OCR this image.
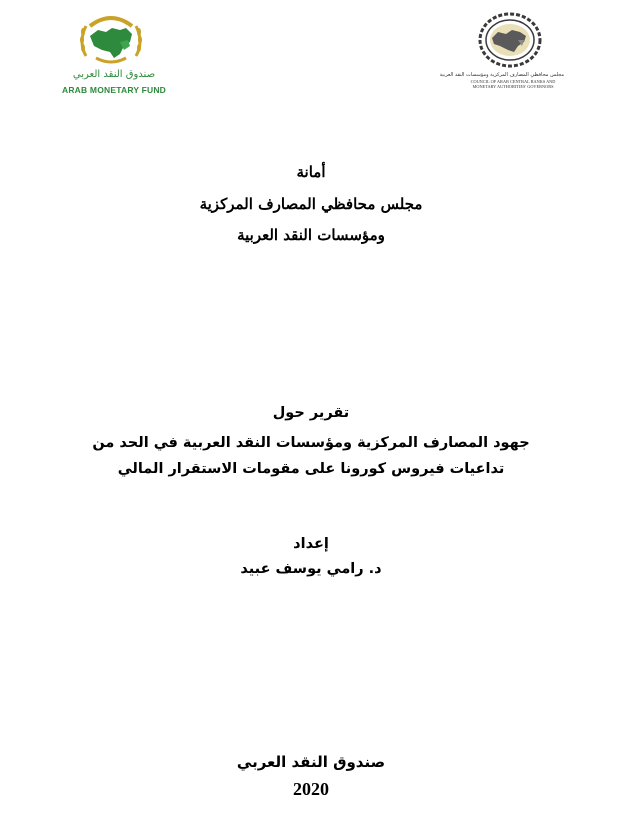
صندوق النقد العربي
ARAB MONETARY FUND
مجلس محافظي المصارف المركزية ومؤسسات النقد العربية
COUNCIL OF ARAB CENTRAL BANKS AND
MONETARY AUTHORITIES' GOVERNORS
أمانة
مجلس محافظي المصارف المركزية
ومؤسسات النقد العربية
تقرير حول
جهود المصارف المركزية ومؤسسات النقد العربية في الحد من
تداعيات فيروس كورونا على مقومات الاستقرار المالي
إعداد
د. رامي يوسف عبيد
صندوق النقد العربي
2020
